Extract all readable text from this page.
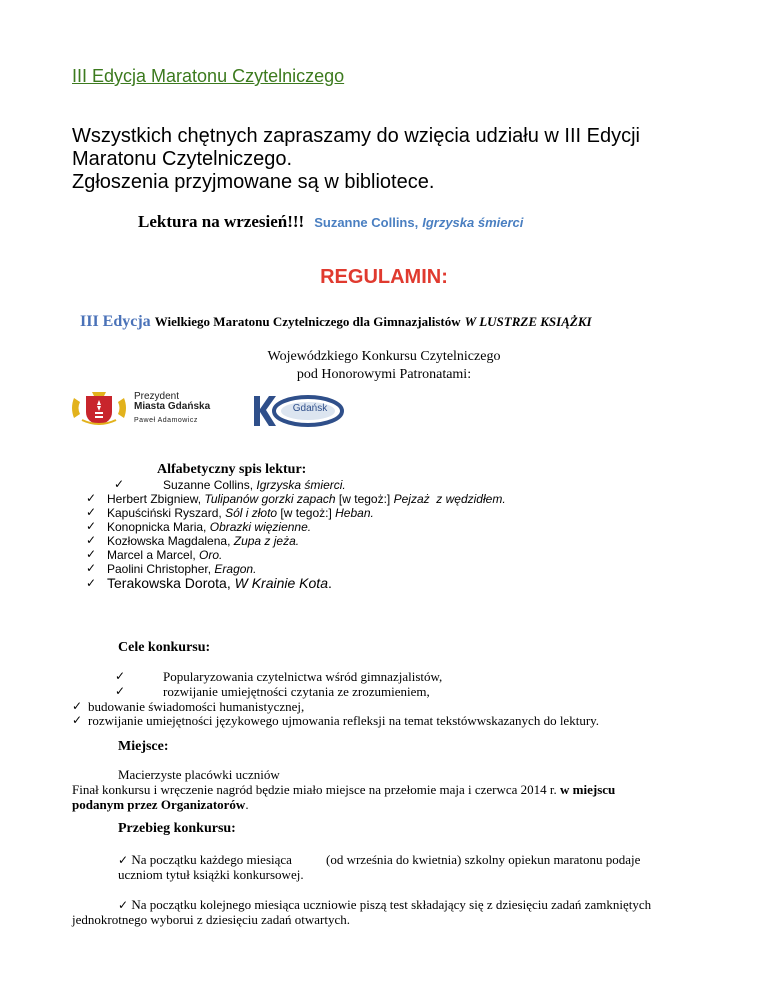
III Edycja Maratonu Czytelniczego
Wszystkich chętnych zapraszamy do wzięcia udziału w III Edycji
Maratonu Czytelniczego.
Zgłoszenia przyjmowane są w bibliotece.
Lektura na wrzesień!!! Suzanne Collins, Igrzyska śmierci
REGULAMIN:
III Edycja Wielkiego Maratonu Czytelniczego dla Gimnazjalistów W LUSTRZE KSIĄŻKI
Wojewódzkiego Konkursu Czytelniczego
pod Honorowymi Patronatami:
Prezydent
Miasta Gdańska
Paweł Adamowicz
Gdańsk
Alfabetyczny spis lektur:
✓	Suzanne Collins, Igrzyska śmierci.
✓ Herbert Zbigniew, Tulipanów gorzki zapach [w tegoż:] Pejzaż  z wędzidłem.
✓ Kapuściński Ryszard, Sól i złoto [w tegoż:] Heban.
✓ Konopnicka Maria, Obrazki więzienne.
✓ Kozłowska Magdalena, Zupa z jeża.
✓ Marcel a Marcel, Oro.
✓ Paolini Christopher, Eragon.
✓ Terakowska Dorota, W Krainie Kota.
Cele konkursu:
✓	Popularyzowania czytelnictwa wśród gimnazjalistów,
✓	rozwijanie umiejętności czytania ze zrozumieniem,
✓ budowanie świadomości humanistycznej,
✓ rozwijanie umiejętności językowego ujmowania refleksji na temat tekstówwskazanych do lektury.
Miejsce:
Macierzyste placówki uczniów
Finał konkursu i wręczenie nagród będzie miało miejsce na przełomie maja i czerwca 2014 r. w miejscu
podanym przez Organizatorów.
Przebieg konkursu:
✓ Na początku każdego miesiąca	(od września do kwietnia) szkolny opiekun maratonu podaje
uczniom tytuł książki konkursowej.
✓ Na początku kolejnego miesiąca uczniowie piszą test składający się z dziesięciu zadań zamkniętych
jednokrotnego wyborui z dziesięciu zadań otwartych.
